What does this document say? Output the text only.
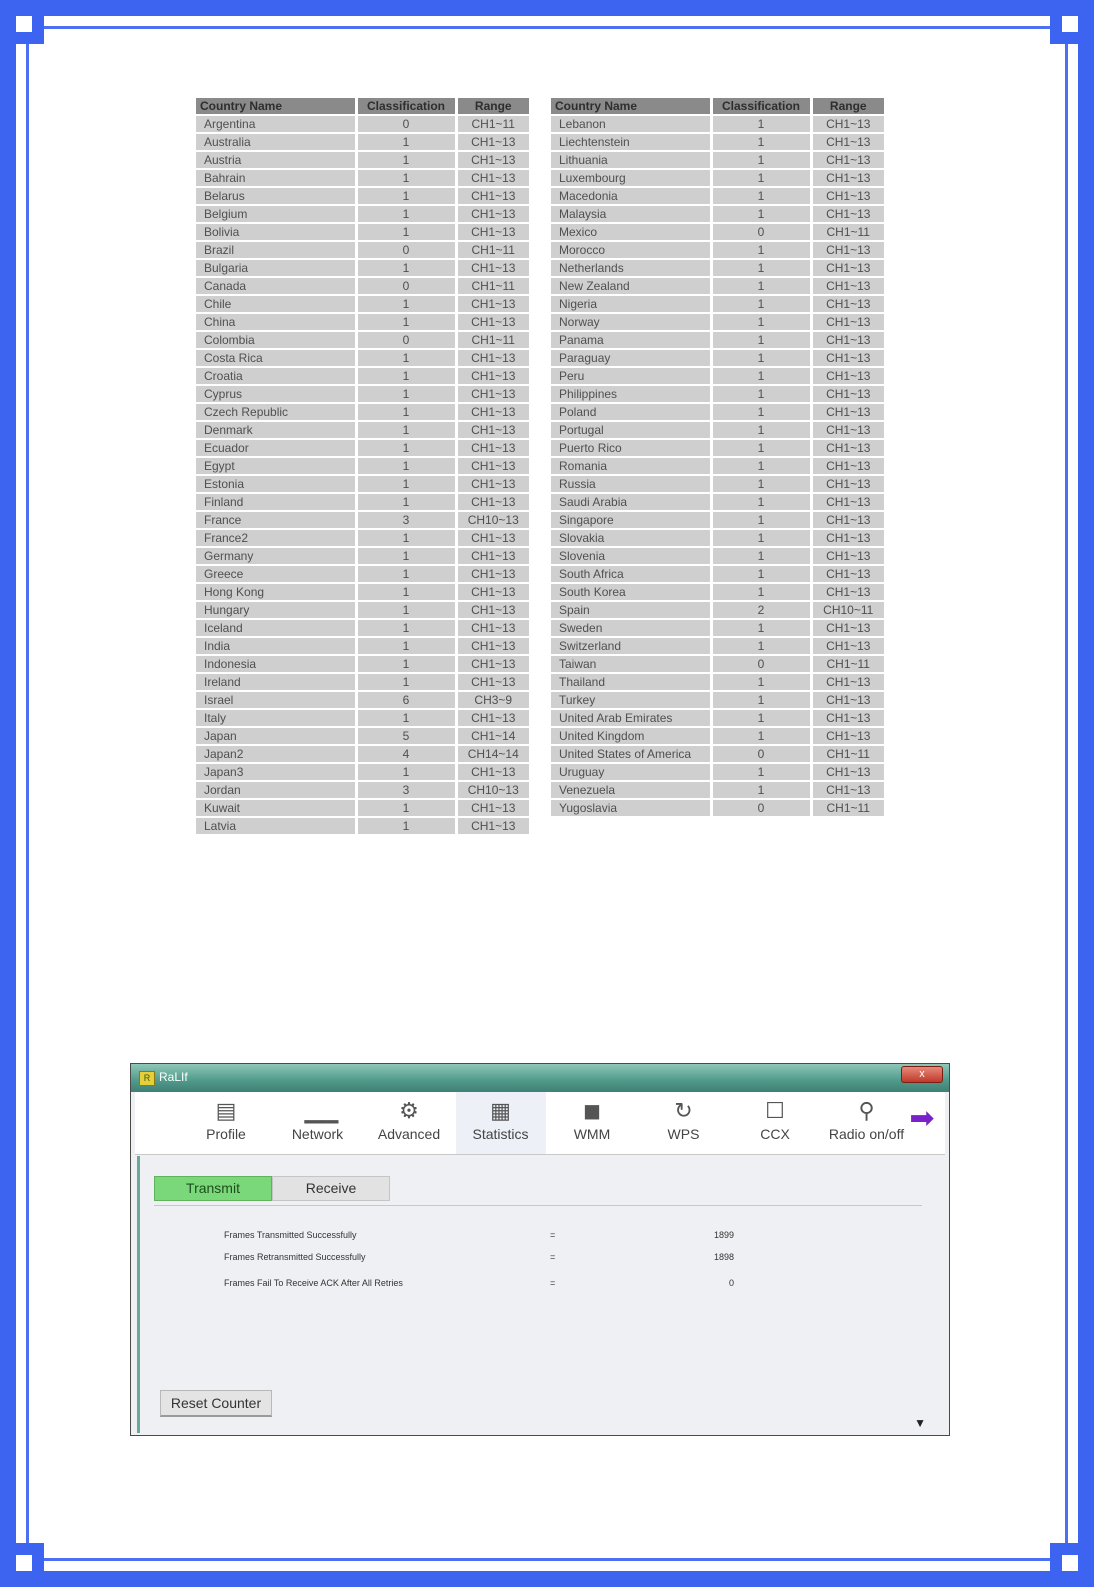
Country Name	Classification	Range
Argentina	0	CH1~11
Australia	1	CH1~13
Austria	1	CH1~13
Bahrain	1	CH1~13
Belarus	1	CH1~13
Belgium	1	CH1~13
Bolivia	1	CH1~13
Brazil	0	CH1~11
Bulgaria	1	CH1~13
Canada	0	CH1~11
Chile	1	CH1~13
China	1	CH1~13
Colombia	0	CH1~11
Costa Rica	1	CH1~13
Croatia	1	CH1~13
Cyprus	1	CH1~13
Czech Republic	1	CH1~13
Denmark	1	CH1~13
Ecuador	1	CH1~13
Egypt	1	CH1~13
Estonia	1	CH1~13
Finland	1	CH1~13
France	3	CH10~13
France2	1	CH1~13
Germany	1	CH1~13
Greece	1	CH1~13
Hong Kong	1	CH1~13
Hungary	1	CH1~13
Iceland	1	CH1~13
India	1	CH1~13
Indonesia	1	CH1~13
Ireland	1	CH1~13
Israel	6	CH3~9
Italy	1	CH1~13
Japan	5	CH1~14
Japan2	4	CH14~14
Japan3	1	CH1~13
Jordan	3	CH10~13
Kuwait	1	CH1~13
Latvia	1	CH1~13
Country Name	Classification	Range
Lebanon	1	CH1~13
Liechtenstein	1	CH1~13
Lithuania	1	CH1~13
Luxembourg	1	CH1~13
Macedonia	1	CH1~13
Malaysia	1	CH1~13
Mexico	0	CH1~11
Morocco	1	CH1~13
Netherlands	1	CH1~13
New Zealand	1	CH1~13
Nigeria	1	CH1~13
Norway	1	CH1~13
Panama	1	CH1~13
Paraguay	1	CH1~13
Peru	1	CH1~13
Philippines	1	CH1~13
Poland	1	CH1~13
Portugal	1	CH1~13
Puerto Rico	1	CH1~13
Romania	1	CH1~13
Russia	1	CH1~13
Saudi Arabia	1	CH1~13
Singapore	1	CH1~13
Slovakia	1	CH1~13
Slovenia	1	CH1~13
South Africa	1	CH1~13
South Korea	1	CH1~13
Spain	2	CH10~11
Sweden	1	CH1~13
Switzerland	1	CH1~13
Taiwan	0	CH1~11
Thailand	1	CH1~13
Turkey	1	CH1~13
United Arab Emirates	1	CH1~13
United Kingdom	1	CH1~13
United States of America	0	CH1~11
Uruguay	1	CH1~13
Venezuela	1	CH1~13
Yugoslavia	0	CH1~11
R RaLIf	x
➡
▤
Profile
▁▁
Network
⚙
Advanced
▦
Statistics
◼
WMM
↻
WPS
☐
CCX
⚲
Radio on/off
Transmit	Receive
Frames Transmitted Successfully	=	1899
Frames Retransmitted Successfully	=	1898
Frames Fail To Receive ACK After All Retries	=	0
Reset Counter
▼
